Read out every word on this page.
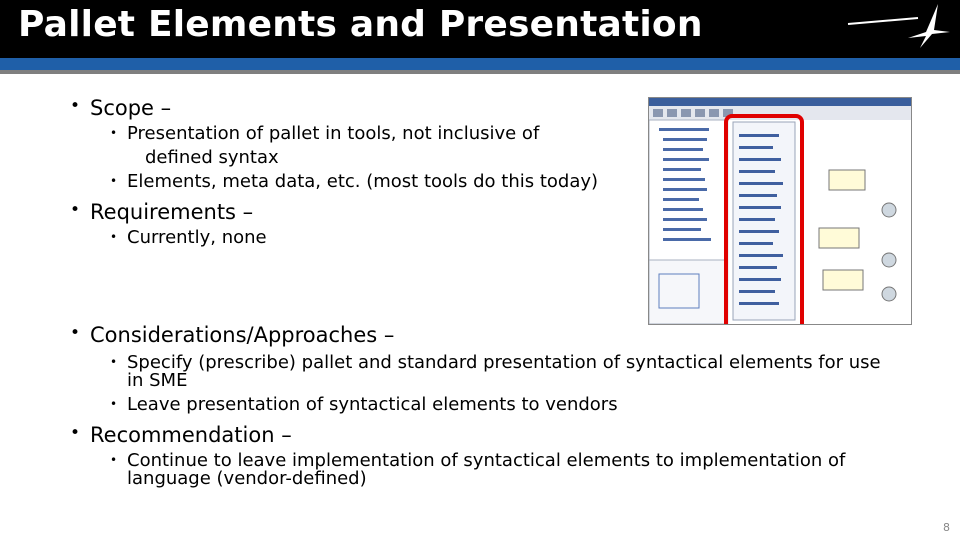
Pallet Elements and Presentation
• Scope –
• Presentation of pallet in tools, not inclusive of
defined syntax
• Elements, meta data, etc. (most tools do this today)
• Requirements –
• Currently, none
• Considerations/Approaches –
• Specify (prescribe) pallet and standard presentation of syntactical elements for use
in SME
• Leave presentation of syntactical elements to vendors
• Recommendation –
• Continue to leave implementation of syntactical elements to implementation of
language (vendor-defined)
8
